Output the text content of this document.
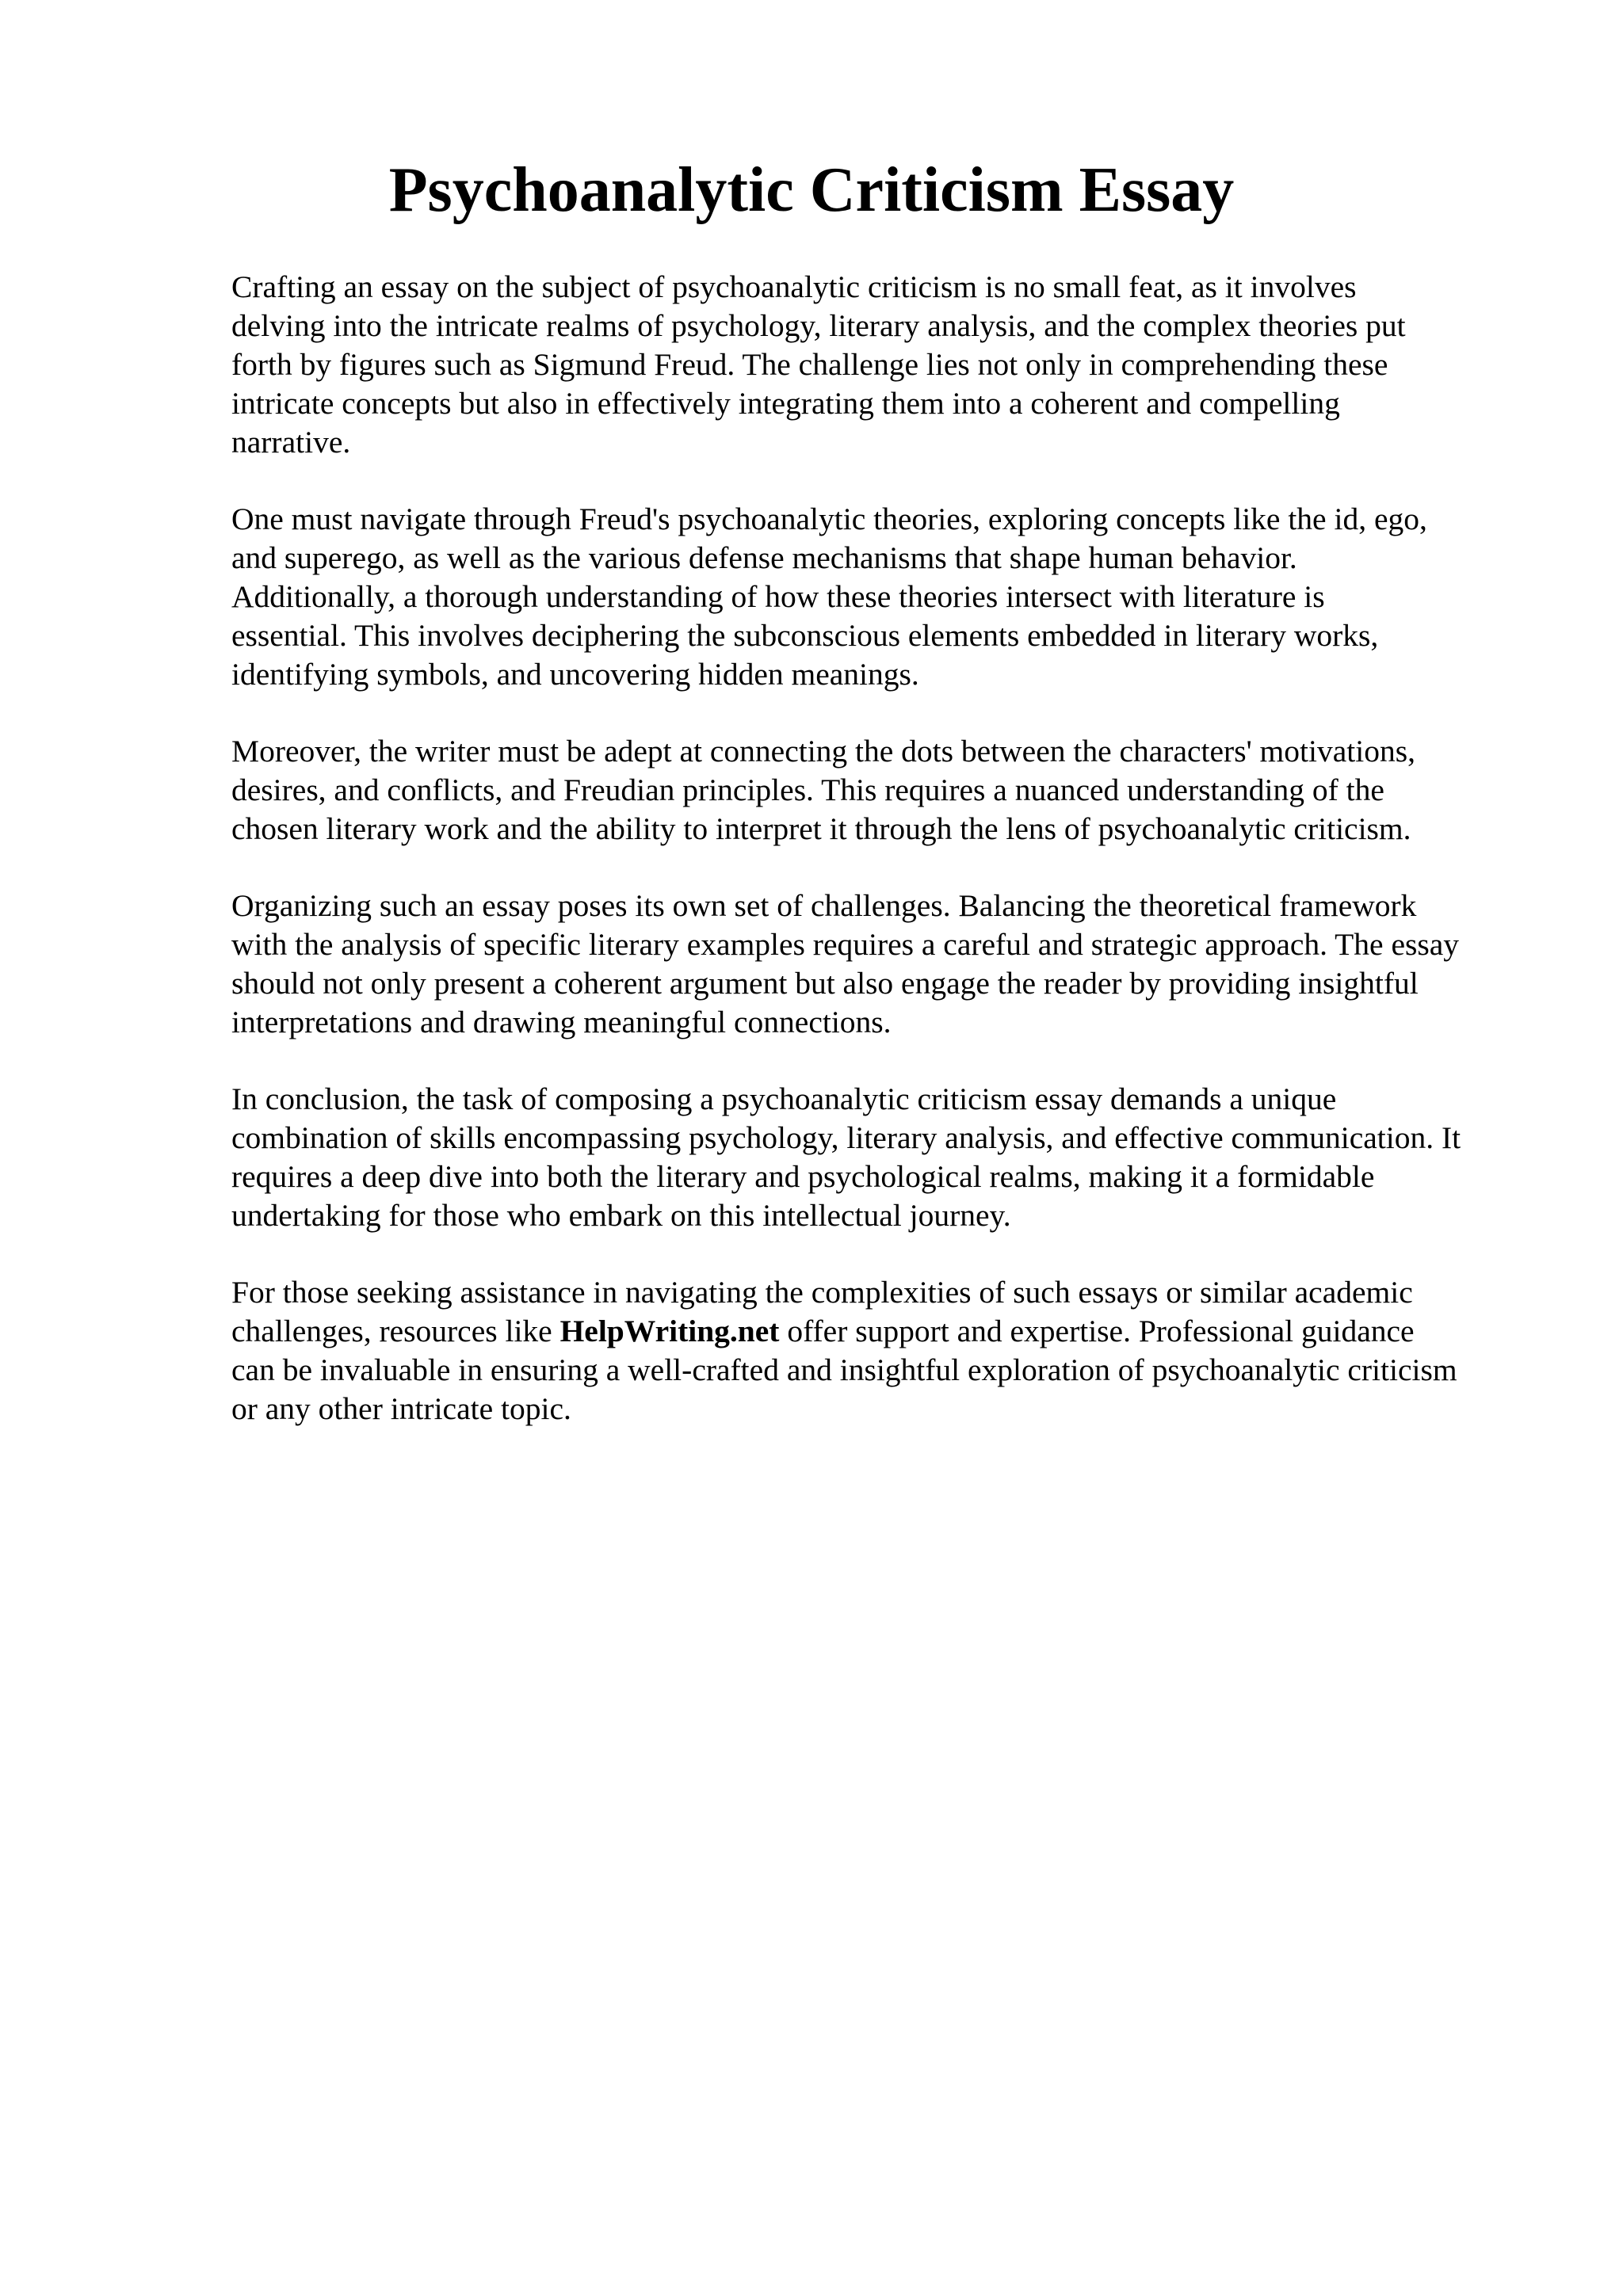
Psychoanalytic Criticism Essay

Crafting an essay on the subject of psychoanalytic criticism is no small feat, as it involves
delving into the intricate realms of psychology, literary analysis, and the complex theories put
forth by figures such as Sigmund Freud. The challenge lies not only in comprehending these
intricate concepts but also in effectively integrating them into a coherent and compelling
narrative.

One must navigate through Freud's psychoanalytic theories, exploring concepts like the id, ego,
and superego, as well as the various defense mechanisms that shape human behavior.
Additionally, a thorough understanding of how these theories intersect with literature is
essential. This involves deciphering the subconscious elements embedded in literary works,
identifying symbols, and uncovering hidden meanings.

Moreover, the writer must be adept at connecting the dots between the characters' motivations,
desires, and conflicts, and Freudian principles. This requires a nuanced understanding of the
chosen literary work and the ability to interpret it through the lens of psychoanalytic criticism.

Organizing such an essay poses its own set of challenges. Balancing the theoretical framework
with the analysis of specific literary examples requires a careful and strategic approach. The essay
should not only present a coherent argument but also engage the reader by providing insightful
interpretations and drawing meaningful connections.

In conclusion, the task of composing a psychoanalytic criticism essay demands a unique
combination of skills encompassing psychology, literary analysis, and effective communication. It
requires a deep dive into both the literary and psychological realms, making it a formidable
undertaking for those who embark on this intellectual journey.

For those seeking assistance in navigating the complexities of such essays or similar academic
challenges, resources like HelpWriting.net offer support and expertise. Professional guidance
can be invaluable in ensuring a well-crafted and insightful exploration of psychoanalytic criticism
or any other intricate topic.
